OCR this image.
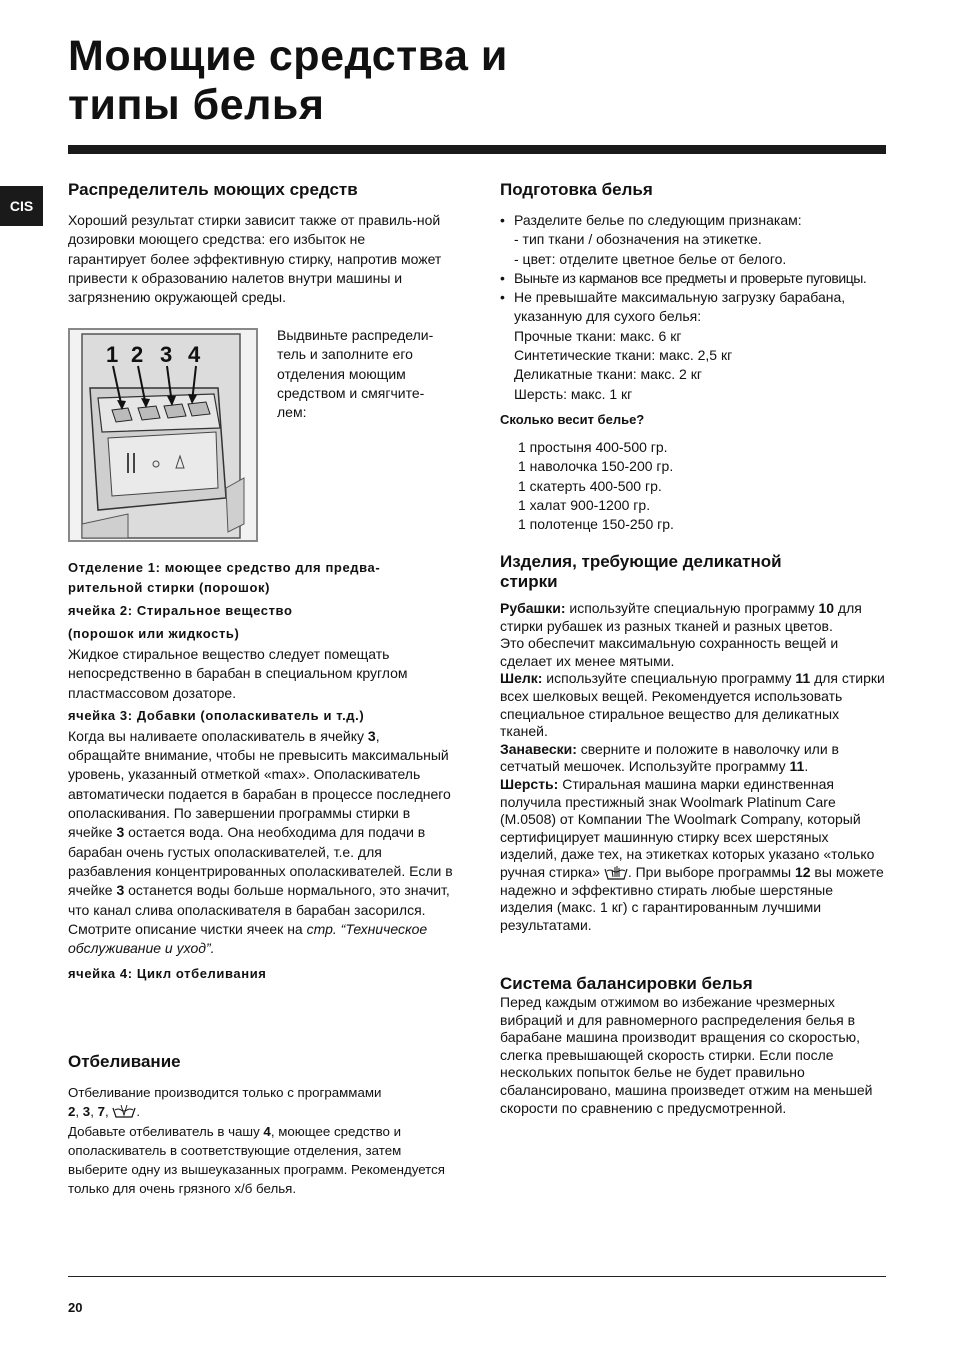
Моющие средства и
типы белья
CIS
Распределитель моющих средств

Хороший результат стирки зависит также от правиль-ной дозировки моющего средства: его избыток не гарантирует более эффективную стирку, напротив может привести к образованию налетов внутри машины и загрязнению окружающей среды.

1 2 3 4

Выдвиньте распредели-тель и заполните его отделения моющим средством и смягчите-лем:

Отделение 1: моющее средство для предва-рительной стирки (порошок)
ячейка 2: Стиральное вещество
(порошок или жидкость)

Жидкое стиральное вещество следует помещать непосредственно в барабан в специальном круглом пластмассовом дозаторе.

ячейка 3: Добавки (ополаскиватель и т.д.)

Когда вы наливаете ополаскиватель в ячейку 3, обращайте внимание, чтобы не превысить максимальный уровень, указанный отметкой «max». Ополаскиватель автоматически подается в барабан в процессе последнего ополаскивания. По завершении программы стирки в ячейке 3 остается вода. Она необходима для подачи в барабан очень густых ополаскивателей, т.е. для разбавления концентрированных ополаскивателей. Если в ячейке 3 останется воды больше нормального, это значит, что канал слива ополаскивателя в барабан засорился. Смотрите описание чистки ячеек на стр. “Техническое обслуживание и уход”.

ячейка 4: Цикл отбеливания
Отбеливание

Отбеливание производится только с программами
2, 3, 7, .
Добавьте отбеливатель в чашу 4, моющее средство и ополаскиватель в соответствующие отделения, затем выберите одну из вышеуказанных программ. Рекомендуется только для очень грязного х/б белья.

Подготовка белья
• Разделите белье по следующим признакам:
- тип ткани / обозначения на этикетке.
- цвет: отделите цветное белье от белого.
• Выньте из карманов все предметы и проверьте пуговицы.
• Не превышайте максимальную загрузку барабана, указанную для сухого белья:
Прочные ткани: макс. 6 кг
Синтетические ткани: макс. 2,5 кг
Деликатные ткани: макс. 2 кг
Шерсть: макс. 1 кг
Сколько весит белье?
1 простыня 400-500 гр.
1 наволочка 150-200 гр.
1 скатерть 400-500 гр.
1 халат 900-1200 гр.
1 полотенце 150-250 гр.
Изделия, требующие деликатной
стирки
Рубашки: используйте специальную программу 10 для стирки рубашек из разных тканей и разных цветов.
Это обеспечит максимальную сохранность вещей и сделает их менее мятыми.
Шелк: используйте специальную программу 11 для стирки всех шелковых вещей. Рекомендуется использовать специальное стиральное вещество для деликатных тканей.
Занавески: сверните и положите в наволочку или в сетчатый мешочек. Используйте программу 11.
Шерсть: Стиральная машина марки единственная получила престижный знак Woolmark Platinum Care (M.0508) от Компании The Woolmark Company, который сертифицирует машинную стирку всех шерстяных изделий, даже тех, на этикетках которых указано «только ручная стирка» . При выборе программы 12 вы можете надежно и эффективно стирать любые шерстяные изделия (макс. 1 кг) с гарантированным лучшими результатами.
Система балансировки белья

Перед каждым отжимом во избежание чрезмерных вибраций и для равномерного распределения белья в барабане машина производит вращения со скоростью, слегка превышающей скорость стирки. Если после нескольких попыток белье не будет правильно сбалансировано, машина произведет отжим на меньшей скорости по сравнению с предусмотренной.

20
